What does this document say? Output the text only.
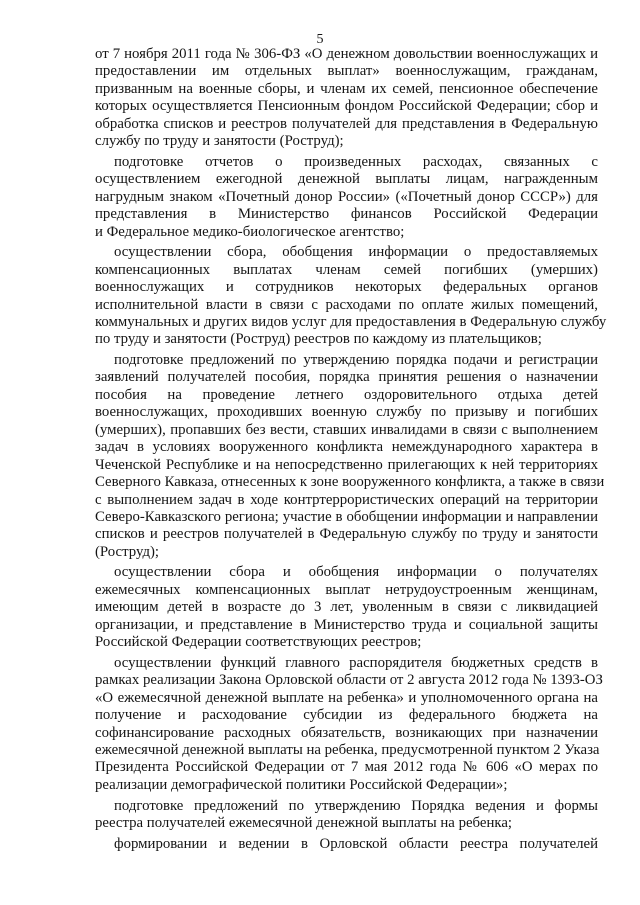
5
от 7 ноября 2011 года № 306-ФЗ «О денежном довольствии военнослужащих и
предоставлении им отдельных выплат» военнослужащим, гражданам,
призванным на военные сборы, и членам их семей, пенсионное обеспечение
которых осуществляется Пенсионным фондом Российской Федерации; сбор и
обработка списков и реестров получателей для представления в Федеральную
службу по труду и занятости (Роструд);
подготовке отчетов о произведенных расходах, связанных с
осуществлением ежегодной денежной выплаты лицам, награжденным
нагрудным знаком «Почетный донор России» («Почетный донор СССР») для
представления в Министерство финансов Российской Федерации
и Федеральное медико-биологическое агентство;
осуществлении сбора, обобщения информации о предоставляемых
компенсационных выплатах членам семей погибших (умерших)
военнослужащих и сотрудников некоторых федеральных органов
исполнительной власти в связи с расходами по оплате жилых помещений,
коммунальных и других видов услуг для предоставления в Федеральную службу
по труду и занятости (Роструд) реестров по каждому из плательщиков;
подготовке предложений по утверждению порядка подачи и регистрации
заявлений получателей пособия, порядка принятия решения о назначении
пособия на проведение летнего оздоровительного отдыха детей
военнослужащих, проходивших военную службу по призыву и погибших
(умерших), пропавших без вести, ставших инвалидами в связи с выполнением
задач в условиях вооруженного конфликта немеждународного характера в
Чеченской Республике и на непосредственно прилегающих к ней территориях
Северного Кавказа, отнесенных к зоне вооруженного конфликта, а также в связи
с выполнением задач в ходе контртеррористических операций на территории
Северо-Кавказского региона; участие в обобщении информации и направлении
списков и реестров получателей в Федеральную службу по труду и занятости
(Роструд);
осуществлении сбора и обобщения информации о получателях
ежемесячных компенсационных выплат нетрудоустроенным женщинам,
имеющим детей в возрасте до 3 лет, уволенным в связи с ликвидацией
организации, и представление в Министерство труда и социальной защиты
Российской Федерации соответствующих реестров;
осуществлении функций главного распорядителя бюджетных средств в
рамках реализации Закона Орловской области от 2 августа 2012 года № 1393-ОЗ
«О ежемесячной денежной выплате на ребенка» и уполномоченного органа на
получение и расходование субсидии из федерального бюджета на
софинансирование расходных обязательств, возникающих при назначении
ежемесячной денежной выплаты на ребенка, предусмотренной пунктом 2 Указа
Президента Российской Федерации от 7 мая 2012 года № 606 «О мерах по
реализации демографической политики Российской Федерации»;
подготовке предложений по утверждению Порядка ведения и формы
реестра получателей ежемесячной денежной выплаты на ребенка;
формировании и ведении в Орловской области реестра получателей
